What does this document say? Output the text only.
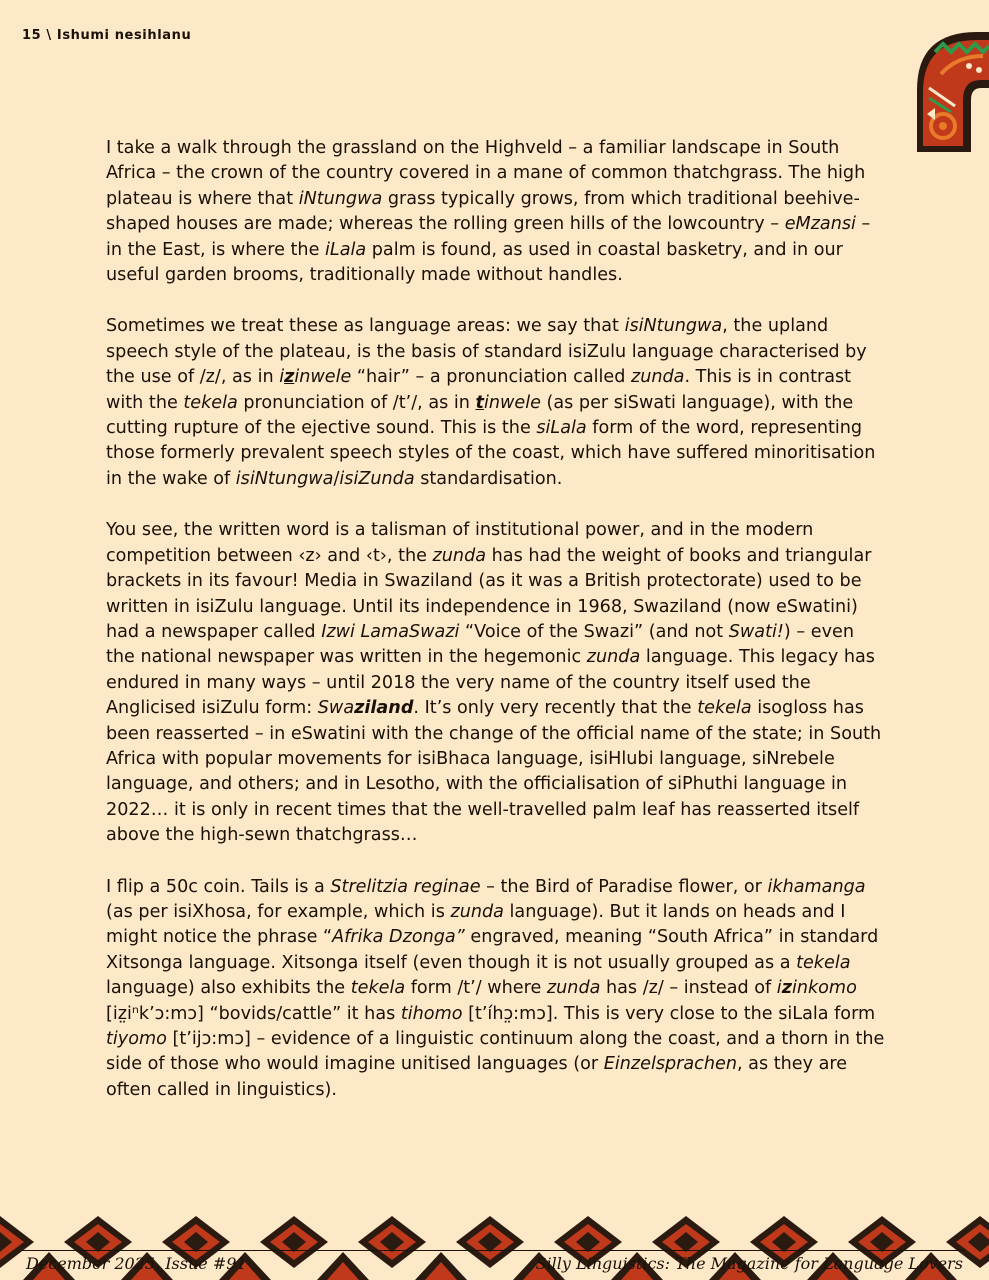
15 \ Ishumi nesihlanu

I take a walk through the grassland on the Highveld – a familiar landscape in South Africa – the crown of the country covered in a mane of common thatchgrass. The high plateau is where that iNtungwa grass typically grows, from which traditional beehive-shaped houses are made; whereas the rolling green hills of the lowcountry – eMzansi – in the East, is where the iLala palm is found, as used in coastal basketry, and in our useful garden brooms, traditionally made without handles.

Sometimes we treat these as language areas: we say that isiNtungwa, the upland speech style of the plateau, is the basis of standard isiZulu language characterised by the use of /z/, as in izinwele “hair” – a pronunciation called zunda. This is in contrast with the tekela pronunciation of /t’/, as in tinwele (as per siSwati language), with the cutting rupture of the ejective sound. This is the siLala form of the word, representing those formerly prevalent speech styles of the coast, which have suffered minoritisation in the wake of isiNtungwa/isiZunda standardisation.

You see, the written word is a talisman of institutional power, and in the modern competition between ‹z› and ‹t›, the zunda has had the weight of books and triangular brackets in its favour! Media in Swaziland (as it was a British protectorate) used to be written in isiZulu language. Until its independence in 1968, Swaziland (now eSwatini) had a newspaper called Izwi LamaSwazi “Voice of the Swazi” (and not Swati!) – even the national newspaper was written in the hegemonic zunda language. This legacy has endured in many ways – until 2018 the very name of the country itself used the Anglicised isiZulu form: Swaziland. It’s only very recently that the tekela isogloss has been reasserted – in eSwatini with the change of the official name of the state; in South Africa with popular movements for isiBhaca language, isiHlubi language, siNrebele language, and others; and in Lesotho, with the officialisation of siPhuthi language in 2022… it is only in recent times that the well-travelled palm leaf has reasserted itself above the high-sewn thatchgrass…

I flip a 50c coin. Tails is a Strelitzia reginae – the Bird of Paradise flower, or ikhamanga (as per isiXhosa, for example, which is zunda language). But it lands on heads and I might notice the phrase “Afrika Dzonga” engraved, meaning “South Africa” in standard Xitsonga language. Xitsonga itself (even though it is not usually grouped as a tekela language) also exhibits the tekela form /t’/ where zunda has /z/ – instead of izinkomo [iz̤iⁿk’ɔ:mɔ] “bovids/cattle” it has tihomo [t’íhɔ̤:mɔ]. This is very close to the siLala form tiyomo [t’ijɔ:mɔ] – evidence of a linguistic continuum along the coast, and a thorn in the side of those who would imagine unitised languages (or Einzelsprachen, as they are often called in linguistics).

December 2025, Issue #91	Silly Linguistics: The Magazine for Language Lovers
